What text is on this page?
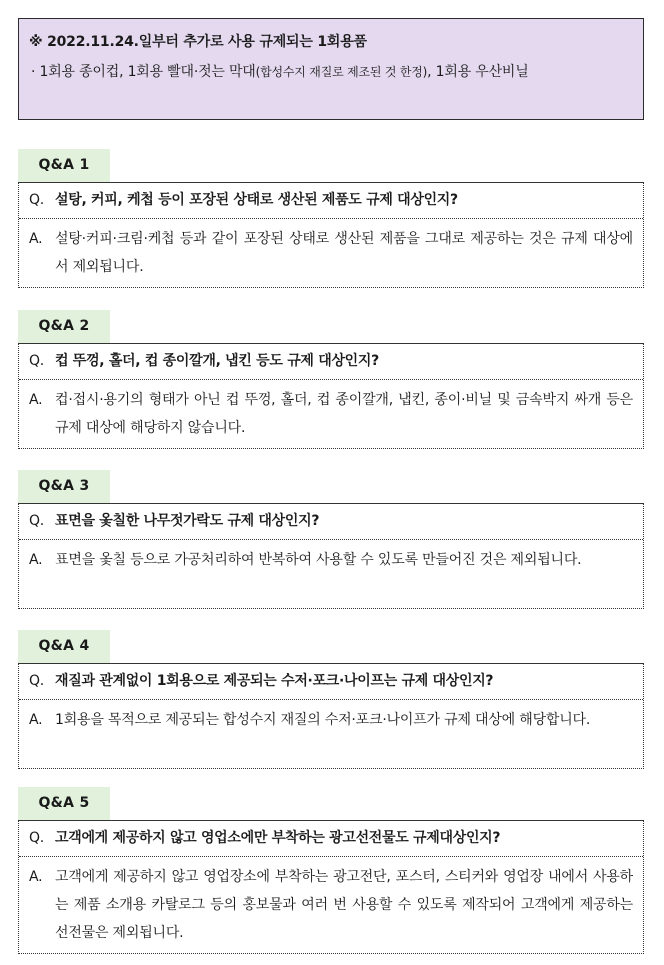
※ 2022.11.24.일부터 추가로 사용 규제되는 1회용품
· 1회용 종이컵, 1회용 빨대·젓는 막대(합성수지 재질로 제조된 것 한정), 1회용 우산비닐
Q&A 1
Q. 설탕, 커피, 케첩 등이 포장된 상태로 생산된 제품도 규제 대상인지?
A. 설탕·커피·크림·케첩 등과 같이 포장된 상태로 생산된 제품을 그대로 제공하는 것은 규제 대상에서 제외됩니다.
Q&A 2
Q. 컵 뚜껑, 홀더, 컵 종이깔개, 냅킨 등도 규제 대상인지?
A. 컵·접시·용기의 형태가 아닌 컵 뚜껑, 홀더, 컵 종이깔개, 냅킨, 종이·비닐 및 금속박지 싸개 등은 규제 대상에 해당하지 않습니다.
Q&A 3
Q. 표면을 옻칠한 나무젓가락도 규제 대상인지?
A. 표면을 옻칠 등으로 가공처리하여 반복하여 사용할 수 있도록 만들어진 것은 제외됩니다.
Q&A 4
Q. 재질과 관계없이 1회용으로 제공되는 수저·포크·나이프는 규제 대상인지?
A. 1회용을 목적으로 제공되는 합성수지 재질의 수저·포크·나이프가 규제 대상에 해당합니다.
Q&A 5
Q. 고객에게 제공하지 않고 영업소에만 부착하는 광고선전물도 규제대상인지?
A. 고객에게 제공하지 않고 영업장소에 부착하는 광고전단, 포스터, 스티커와 영업장 내에서 사용하는 제품 소개용 카탈로그 등의 홍보물과 여러 번 사용할 수 있도록 제작되어 고객에게 제공하는 선전물은 제외됩니다.
